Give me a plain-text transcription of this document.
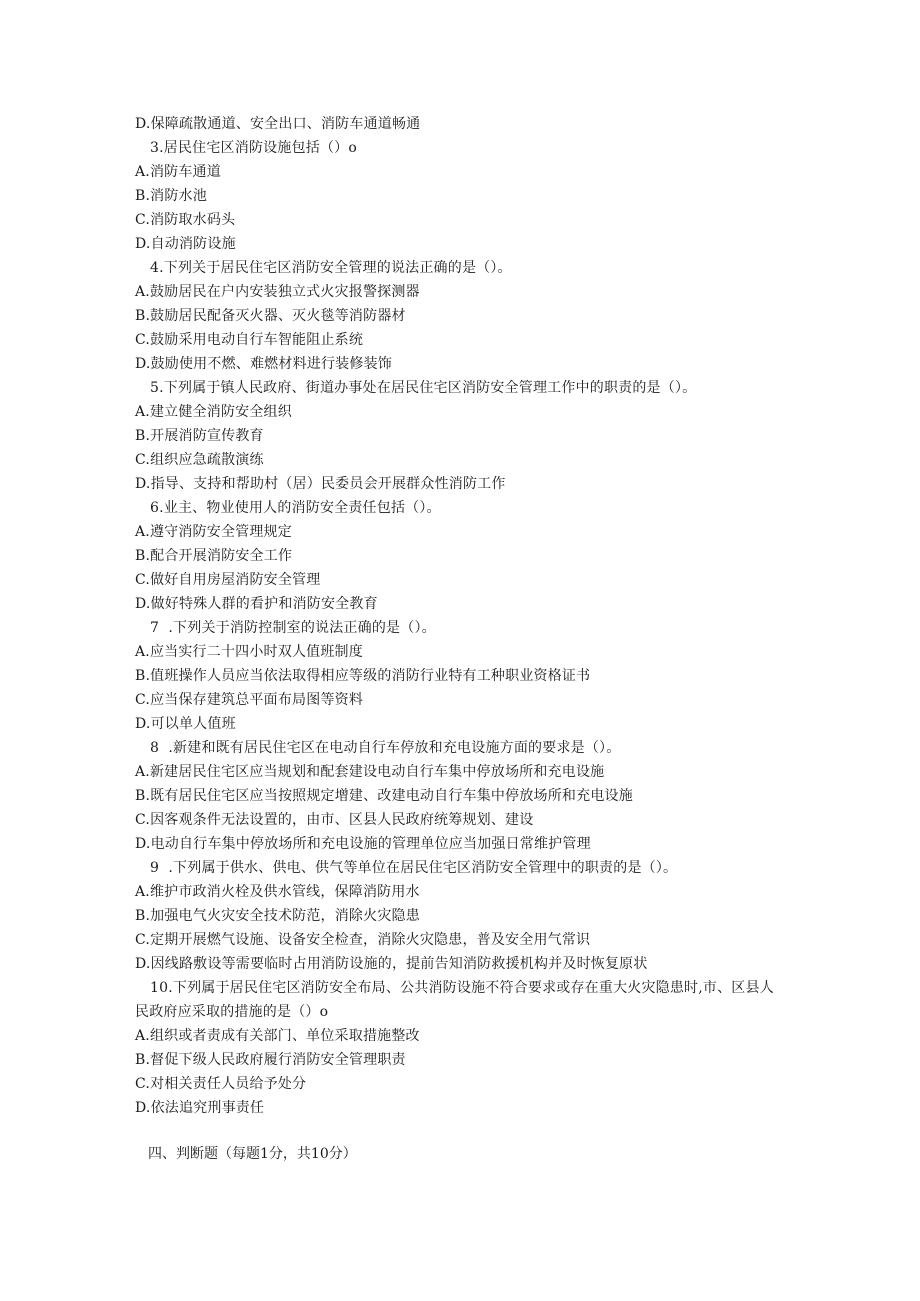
D.保障疏散通道、安全出口、消防车通道畅通
3.居民住宅区消防设施包括（）o
A.消防车通道
B.消防水池
C.消防取水码头
D.自动消防设施
4.下列关于居民住宅区消防安全管理的说法正确的是（）。
A.鼓励居民在户内安装独立式火灾报警探测器
B.鼓励居民配备灭火器、灭火毯等消防器材
C.鼓励采用电动自行车智能阻止系统
D.鼓励使用不燃、难燃材料进行装修装饰
5.下列属于镇人民政府、街道办事处在居民住宅区消防安全管理工作中的职责的是（）。
A.建立健全消防安全组织
B.开展消防宣传教育
C.组织应急疏散演练
D.指导、支持和帮助村（居）民委员会开展群众性消防工作
6.业主、物业使用人的消防安全责任包括（）。
A.遵守消防安全管理规定
B.配合开展消防安全工作
C.做好自用房屋消防安全管理
D.做好特殊人群的看护和消防安全教育
7  .下列关于消防控制室的说法正确的是（）。
A.应当实行二十四小时双人值班制度
B.值班操作人员应当依法取得相应等级的消防行业特有工种职业资格证书
C.应当保存建筑总平面布局图等资料
D.可以单人值班
8  .新建和既有居民住宅区在电动自行车停放和充电设施方面的要求是（）。
A.新建居民住宅区应当规划和配套建设电动自行车集中停放场所和充电设施
B.既有居民住宅区应当按照规定增建、改建电动自行车集中停放场所和充电设施
C.因客观条件无法设置的，由市、区县人民政府统筹规划、建设
D.电动自行车集中停放场所和充电设施的管理单位应当加强日常维护管理
9  .下列属于供水、供电、供气等单位在居民住宅区消防安全管理中的职责的是（）。
A.维护市政消火栓及供水管线，保障消防用水
B.加强电气火灾安全技术防范，消除火灾隐患
C.定期开展燃气设施、设备安全检查，消除火灾隐患，普及安全用气常识
D.因线路敷设等需要临时占用消防设施的，提前告知消防救援机构并及时恢复原状
10.下列属于居民住宅区消防安全布局、公共消防设施不符合要求或存在重大火灾隐患时,市、区县人民政府应采取的措施的是（）o
A.组织或者责成有关部门、单位采取措施整改
B.督促下级人民政府履行消防安全管理职责
C.对相关责任人员给予处分
D.依法追究刑事责任
四、判断题（每题1分，共10分）
